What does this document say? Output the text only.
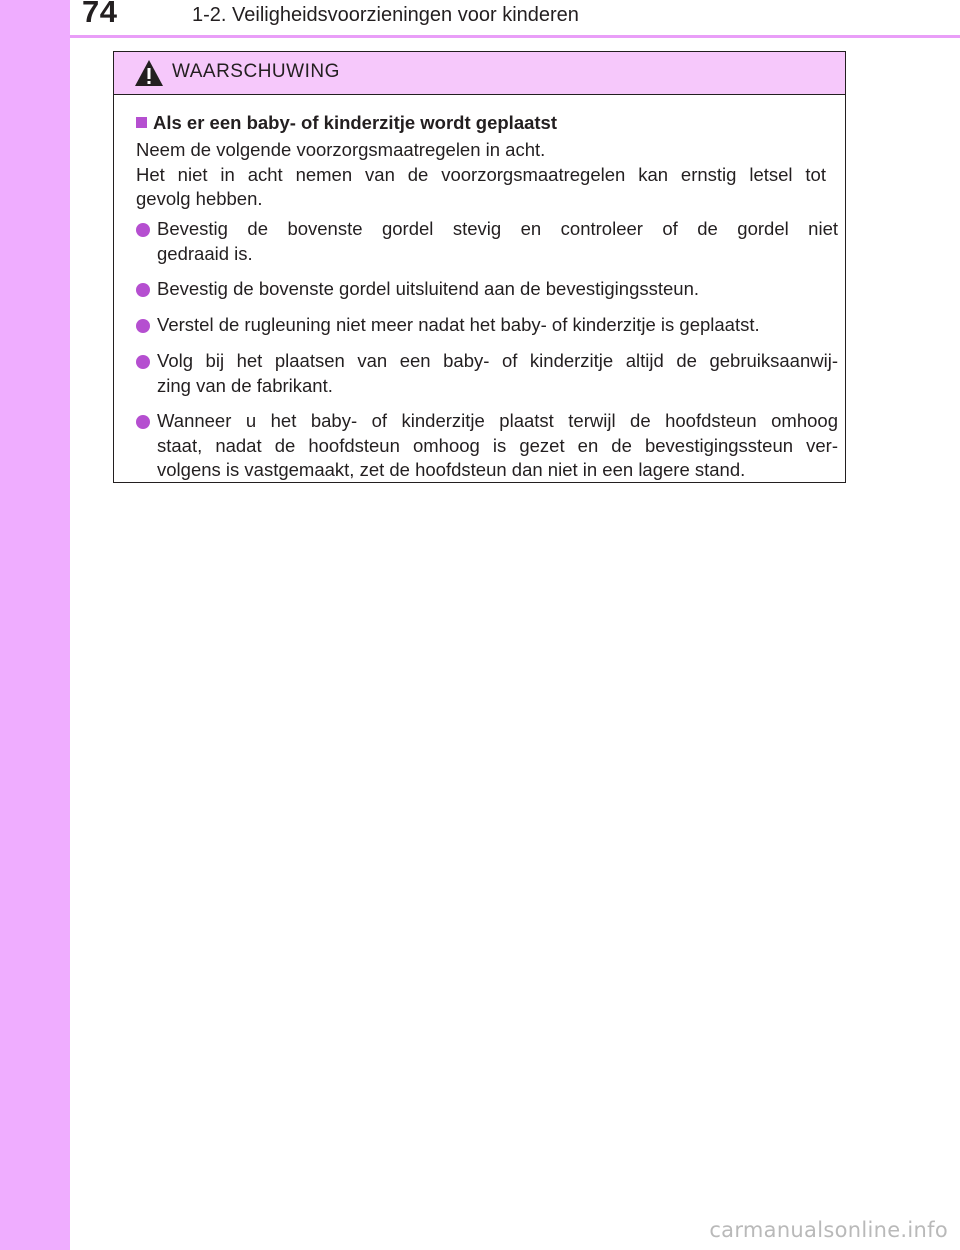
74	1-2. Veiligheidsvoorzieningen voor kinderen
WAARSCHUWING
Als er een baby- of kinderzitje wordt geplaatst
Neem de volgende voorzorgsmaatregelen in acht.
Het niet in acht nemen van de voorzorgsmaatregelen kan ernstig letsel tot
gevolg hebben.
Bevestig de bovenste gordel stevig en controleer of de gordel niet
gedraaid is.
Bevestig de bovenste gordel uitsluitend aan de bevestigingssteun.
Verstel de rugleuning niet meer nadat het baby- of kinderzitje is geplaatst.
Volg bij het plaatsen van een baby- of kinderzitje altijd de gebruiksaanwij-
zing van de fabrikant.
Wanneer u het baby- of kinderzitje plaatst terwijl de hoofdsteun omhoog
staat, nadat de hoofdsteun omhoog is gezet en de bevestigingssteun ver-
volgens is vastgemaakt, zet de hoofdsteun dan niet in een lagere stand.
carmanualsonline.info
